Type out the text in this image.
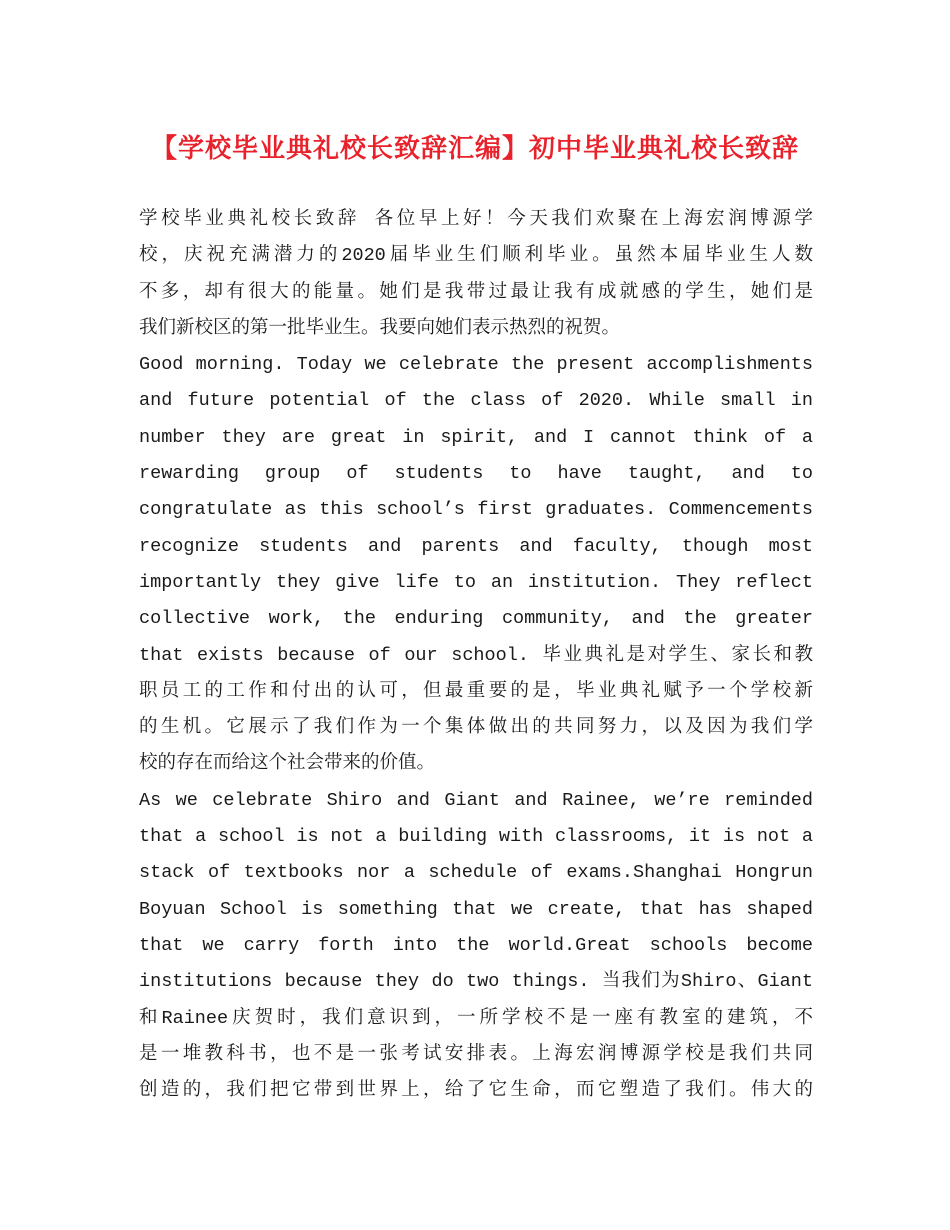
【学校毕业典礼校长致辞汇编】初中毕业典礼校长致辞
学校毕业典礼校长致辞 各位早上好！今天我们欢聚在上海宏润博源学
校，庆祝充满潜力的2020届毕业生们顺利毕业。虽然本届毕业生人数
不多，却有很大的能量。她们是我带过最让我有成就感的学生，她们是
我们新校区的第一批毕业生。我要向她们表示热烈的祝贺。
Good morning. Today we celebrate the present accomplishments
and future potential of the class of 2020. While small in
number they are great in spirit, and I cannot think of a
rewarding group of students to have taught, and to
congratulate as this school’s first graduates. Commencements
recognize students and parents and faculty, though most
importantly they give life to an institution. They reflect
collective work, the enduring community, and the greater
that exists because of our school. 毕业典礼是对学生、家长和教
职员工的工作和付出的认可，但最重要的是，毕业典礼赋予一个学校新
的生机。它展示了我们作为一个集体做出的共同努力，以及因为我们学
校的存在而给这个社会带来的价值。
As we celebrate Shiro and Giant and Rainee, we’re reminded
that a school is not a building with classrooms, it is not a
stack of textbooks nor a schedule of exams.Shanghai Hongrun
Boyuan School is something that we create, that has shaped
that we carry forth into the world.Great schools become
institutions because they do two things. 当我们为Shiro、Giant
和Rainee庆贺时，我们意识到，一所学校不是一座有教室的建筑，不
是一堆教科书，也不是一张考试安排表。上海宏润博源学校是我们共同
创造的，我们把它带到世界上，给了它生命，而它塑造了我们。伟大的
